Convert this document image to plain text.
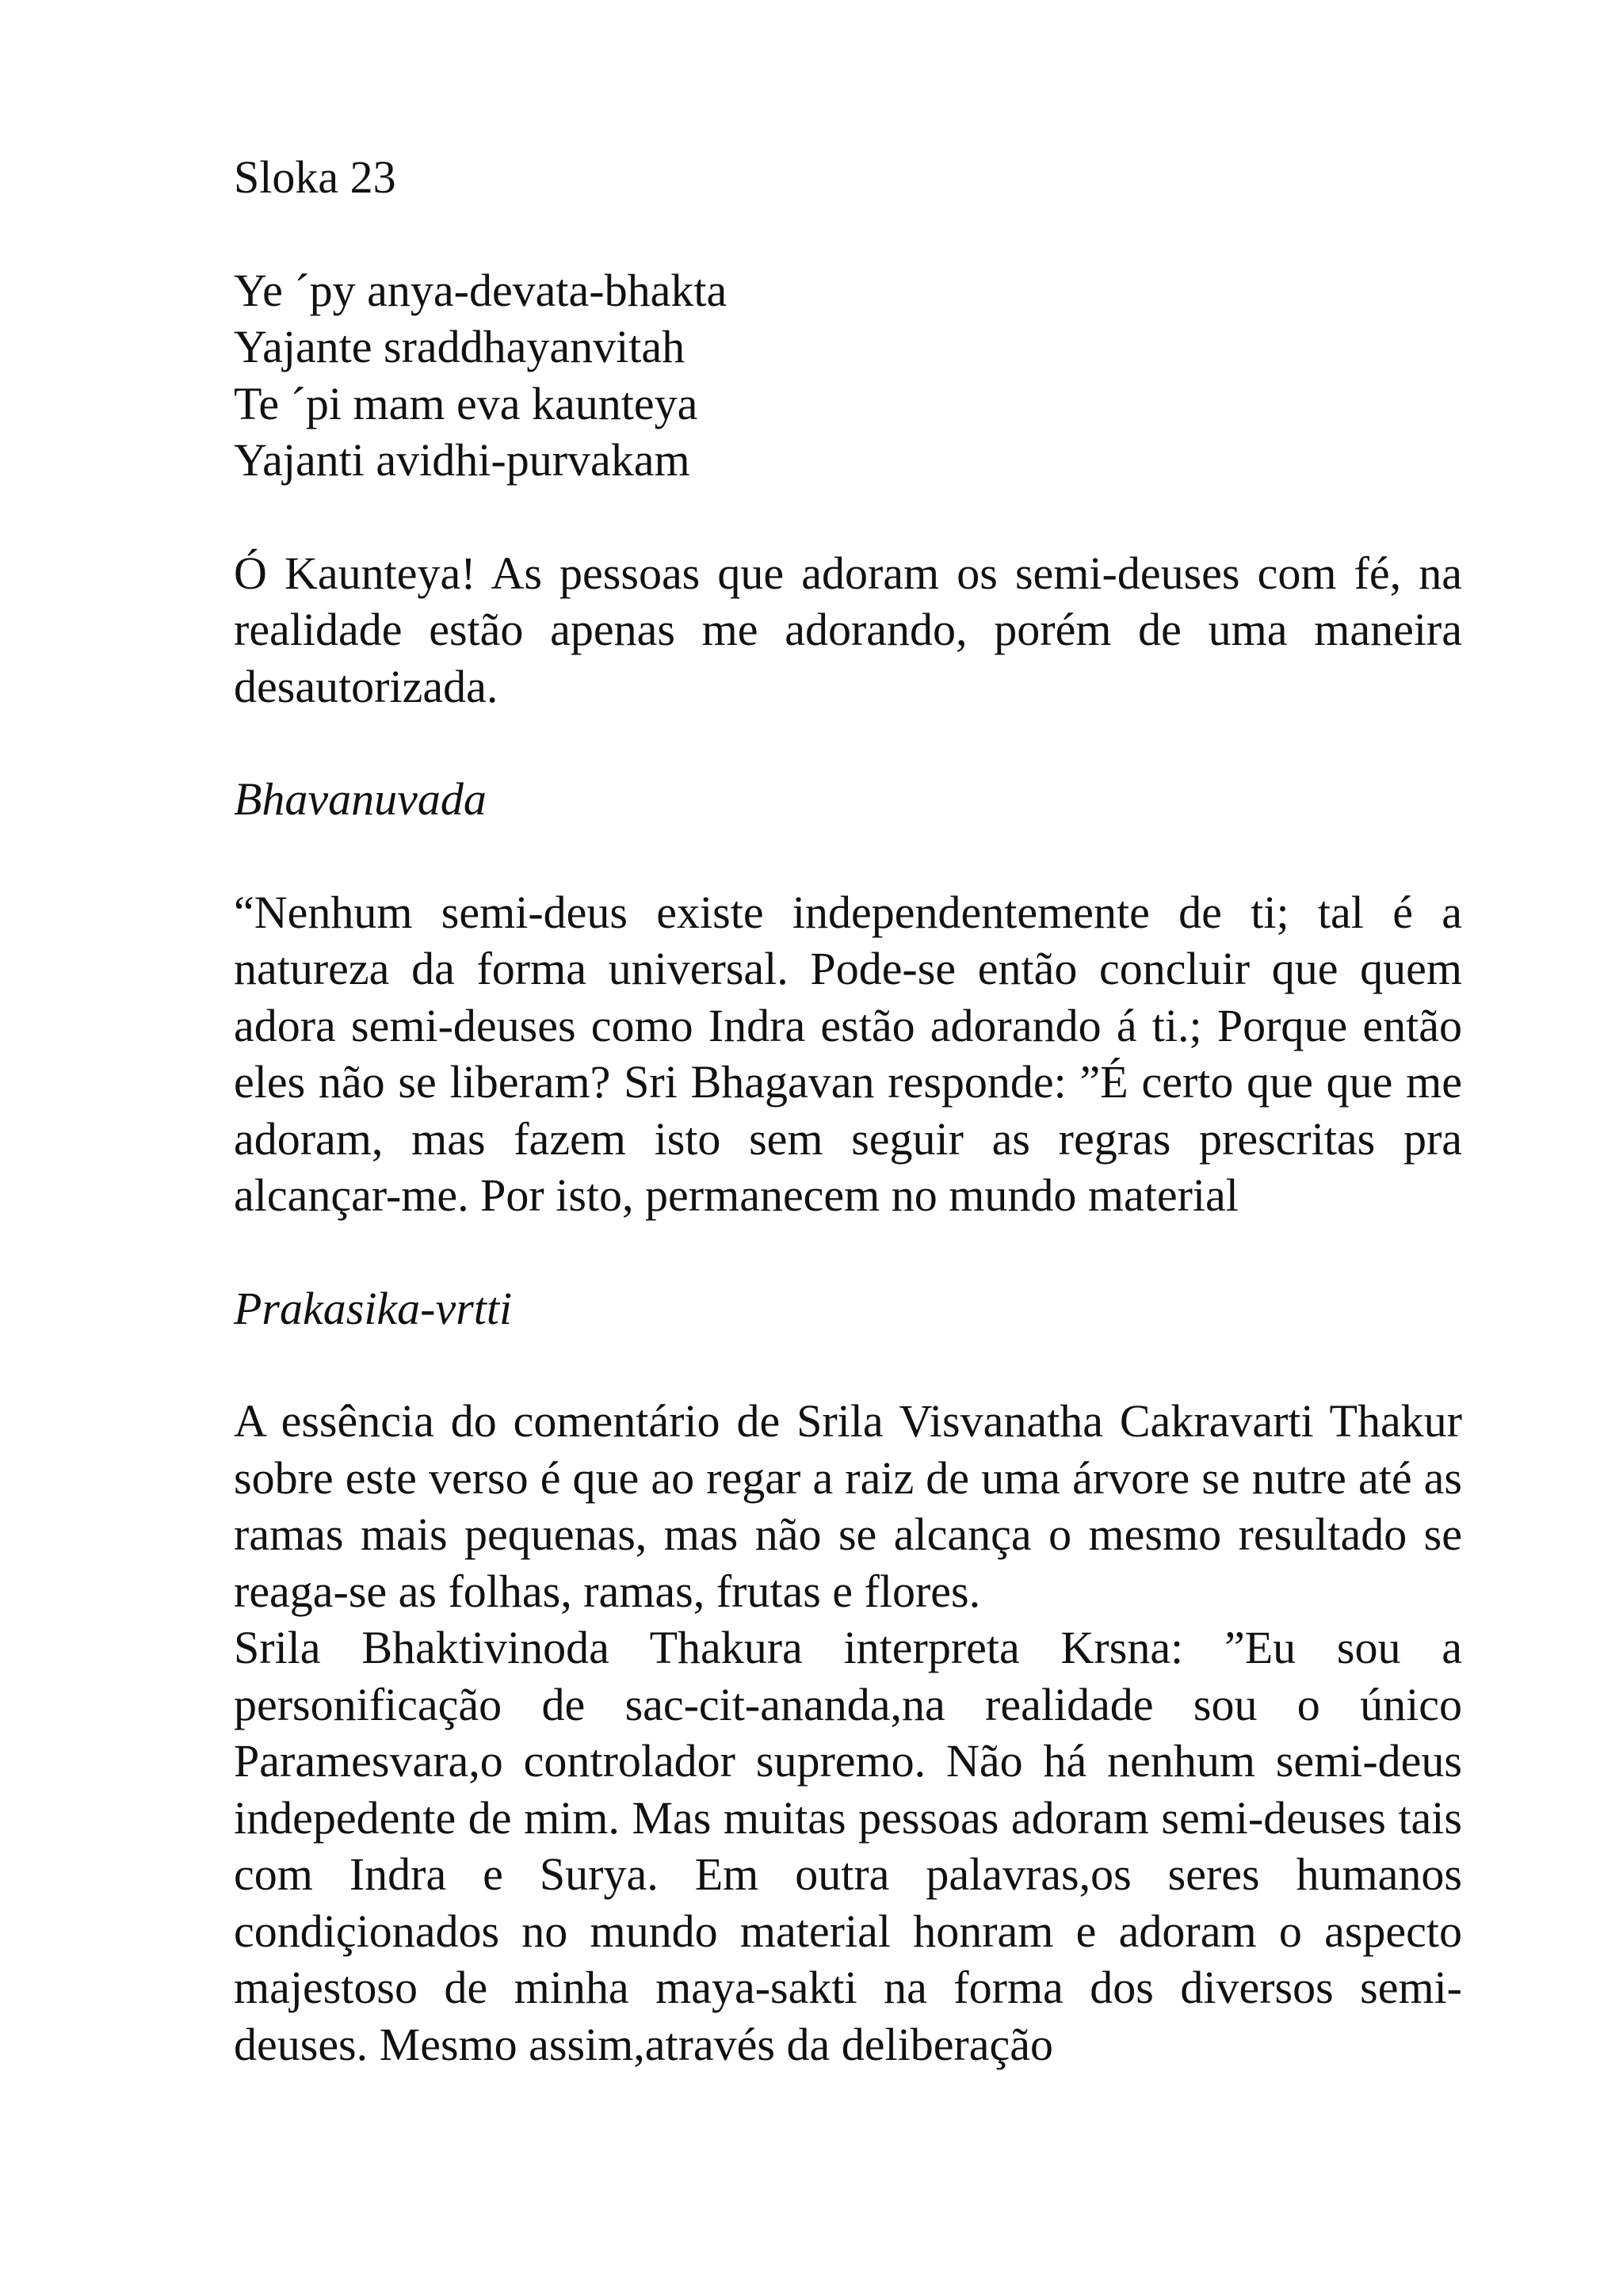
Sloka 23

Ye ´py anya-devata-bhakta
Yajante sraddhayanvitah
Te ´pi mam eva kaunteya
Yajanti avidhi-purvakam

Ó Kaunteya! As pessoas que adoram os semi-deuses com fé, na realidade estão apenas me adorando, porém de uma maneira desautorizada.

Bhavanuvada

“Nenhum semi-deus existe independentemente de ti; tal é a natureza da forma universal. Pode-se então concluir que quem adora semi-deuses como Indra estão adorando á ti.; Porque então eles não se liberam? Sri Bhagavan responde: ”É certo que que me adoram, mas fazem isto sem seguir as regras prescritas pra alcançar-me. Por isto, permanecem no mundo material

Prakasika-vrtti

A essência do comentário de Srila Visvanatha Cakravarti Thakur sobre este verso é que ao regar a raiz de uma árvore se nutre até as ramas mais pequenas, mas não se alcança o mesmo resultado se reaga-se as folhas, ramas, frutas e flores.

Srila Bhaktivinoda Thakura interpreta Krsna: ”Eu sou a personificação de sac-cit-ananda,na realidade sou o único Paramesvara,o controlador supremo. Não há nenhum semi-deus indepedente de mim. Mas muitas pessoas adoram semi-deuses tais com Indra e Surya. Em outra palavras,os seres humanos condiçionados no mundo material honram e adoram o aspecto majestoso de minha maya-sakti na forma dos diversos semi-deuses. Mesmo assim,através da deliberação
